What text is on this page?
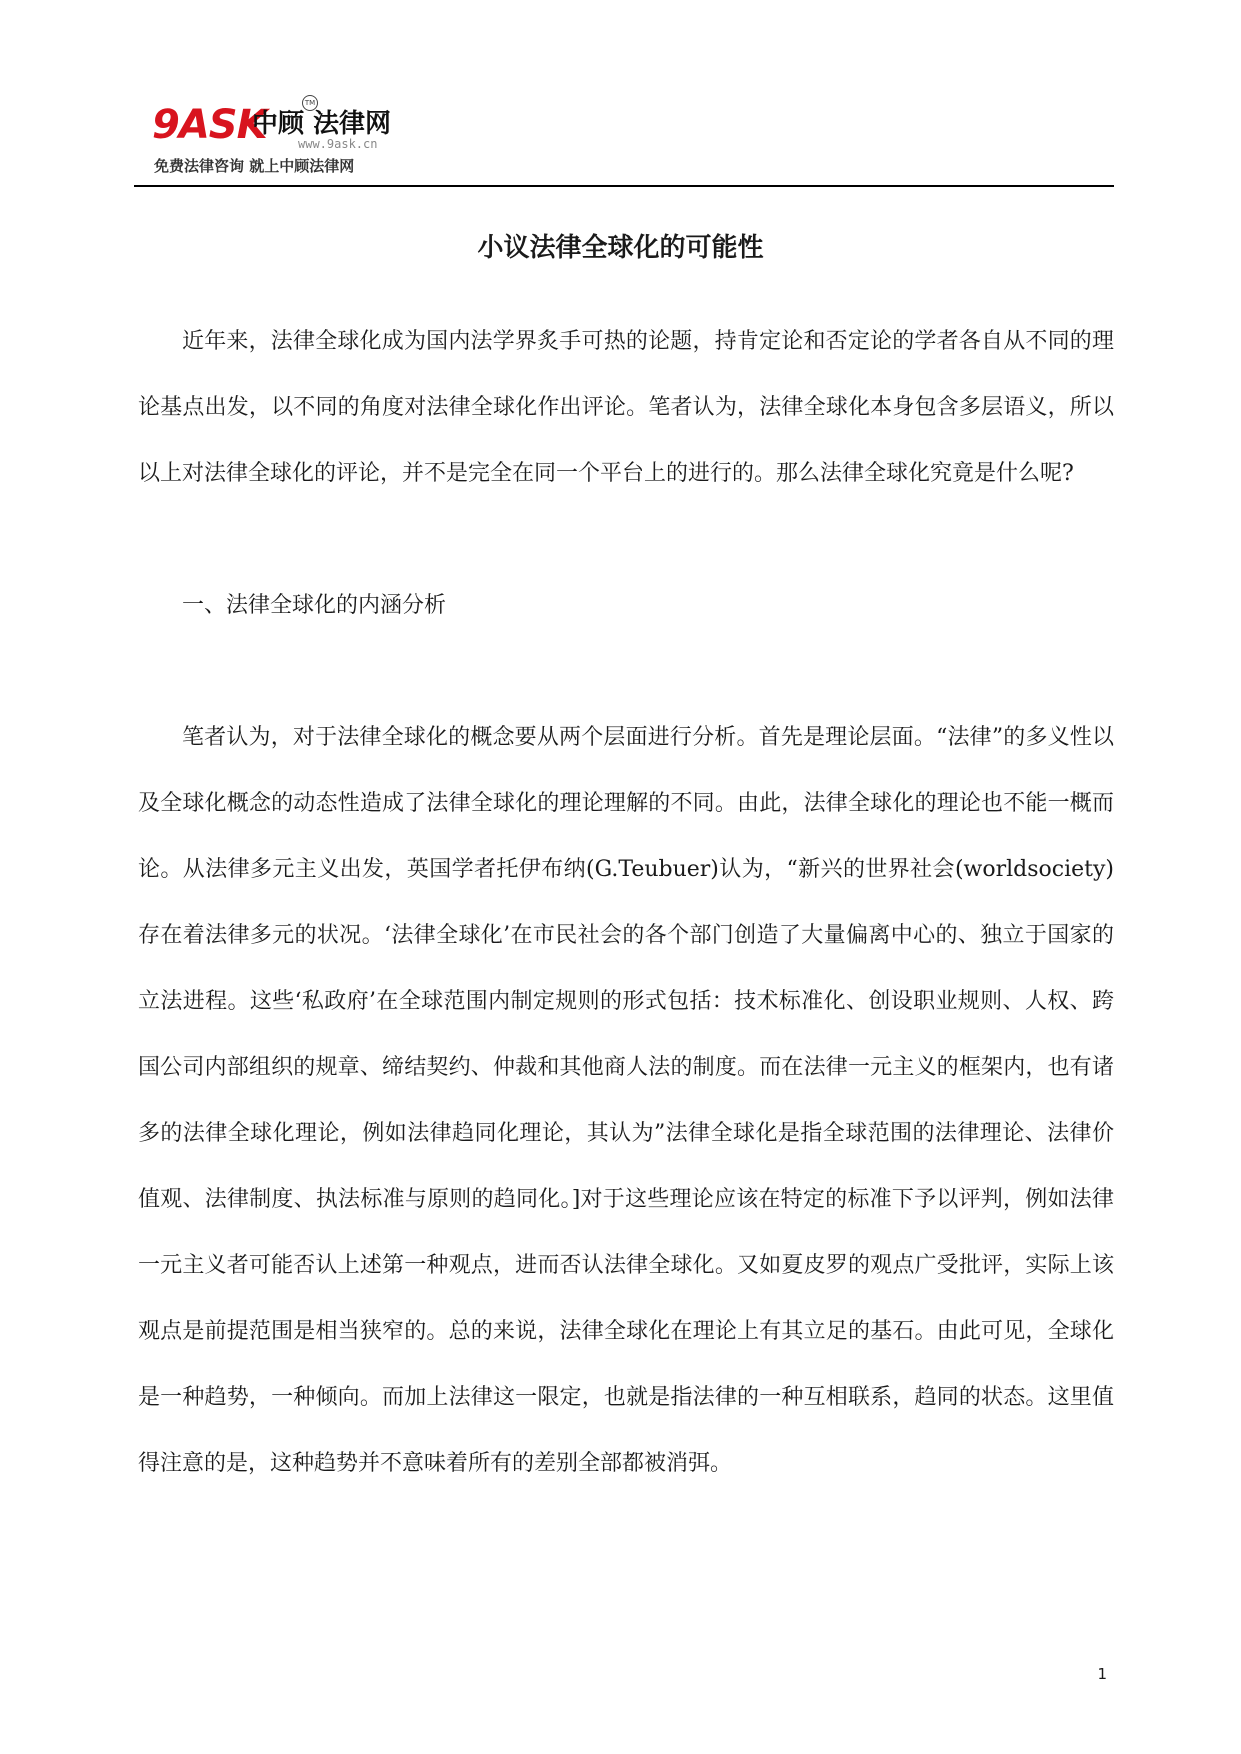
9ASK
中顾 法律网
TM
www.9ask.cn
免费法律咨询 就上中顾法律网
小议法律全球化的可能性

近年来，法律全球化成为国内法学界炙手可热的论题，持肯定论和否定论的学者各自从不同的理论基点出发，以不同的角度对法律全球化作出评论。笔者认为，法律全球化本身包含多层语义，所以以上对法律全球化的评论，并不是完全在同一个平台上的进行的。那么法律全球化究竟是什么呢?

一、法律全球化的内涵分析

笔者认为，对于法律全球化的概念要从两个层面进行分析。首先是理论层面。“法律”的多义性以及全球化概念的动态性造成了法律全球化的理论理解的不同。由此，法律全球化的理论也不能一概而论。从法律多元主义出发，英国学者托伊布纳(G.Teubuer)认为，“新兴的世界社会(worldsociety)存在着法律多元的状况。‘法律全球化’在市民社会的各个部门创造了大量偏离中心的、独立于国家的立法进程。这些‘私政府’在全球范围内制定规则的形式包括：技术标准化、创设职业规则、人权、跨国公司内部组织的规章、缔结契约、仲裁和其他商人法的制度。而在法律一元主义的框架内，也有诸多的法律全球化理论，例如法律趋同化理论，其认为”法律全球化是指全球范围的法律理论、法律价值观、法律制度、执法标准与原则的趋同化。]对于这些理论应该在特定的标准下予以评判，例如法律一元主义者可能否认上述第一种观点，进而否认法律全球化。又如夏皮罗的观点广受批评，实际上该观点是前提范围是相当狭窄的。总的来说，法律全球化在理论上有其立足的基石。由此可见，全球化是一种趋势，一种倾向。而加上法律这一限定，也就是指法律的一种互相联系，趋同的状态。这里值得注意的是，这种趋势并不意味着所有的差别全部都被消弭。

1
